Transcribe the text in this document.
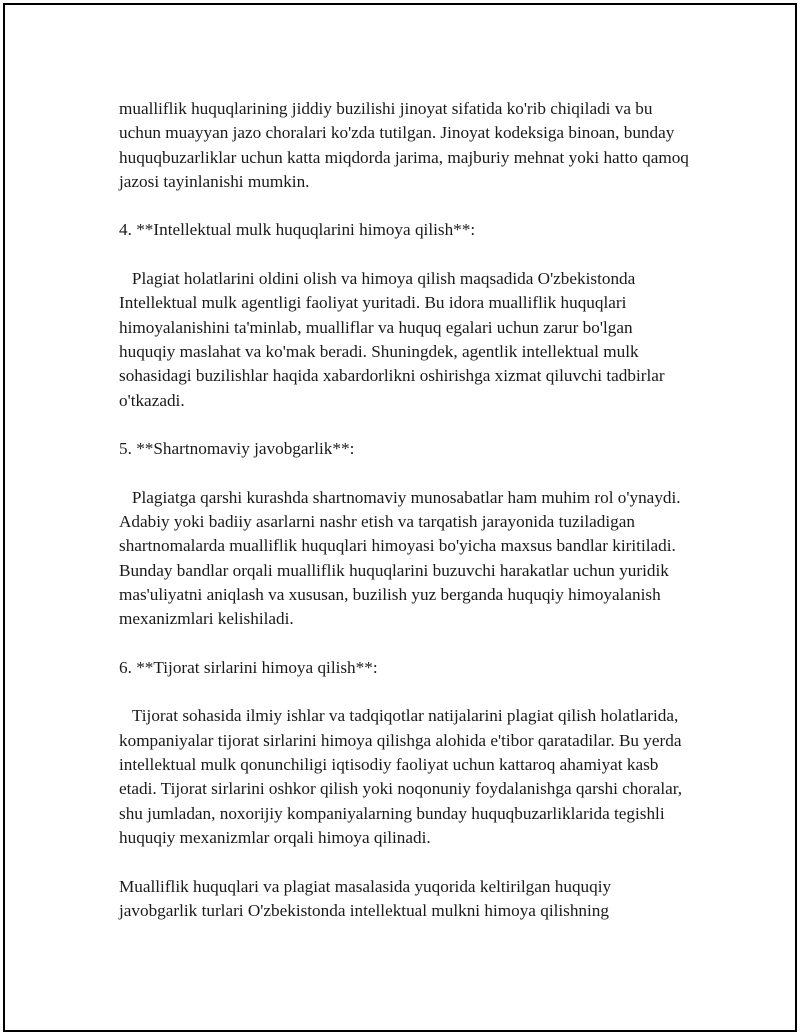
mualliflik huquqlarining jiddiy buzilishi jinoyat sifatida ko'rib chiqiladi va bu uchun muayyan jazo choralari ko'zda tutilgan. Jinoyat kodeksiga binoan, bunday huquqbuzarliklar uchun katta miqdorda jarima, majburiy mehnat yoki hatto qamoq jazosi tayinlanishi mumkin.

4. **Intellektual mulk huquqlarini himoya qilish**:

Plagiat holatlarini oldini olish va himoya qilish maqsadida O'zbekistonda Intellektual mulk agentligi faoliyat yuritadi. Bu idora mualliflik huquqlari himoyalanishini ta'minlab, mualliflar va huquq egalari uchun zarur bo'lgan huquqiy maslahat va ko'mak beradi. Shuningdek, agentlik intellektual mulk sohasidagi buzilishlar haqida xabardorlikni oshirishga xizmat qiluvchi tadbirlar o'tkazadi.

5. **Shartnomaviy javobgarlik**:

Plagiatga qarshi kurashda shartnomaviy munosabatlar ham muhim rol o'ynaydi. Adabiy yoki badiiy asarlarni nashr etish va tarqatish jarayonida tuziladigan shartnomalarda mualliflik huquqlari himoyasi bo'yicha maxsus bandlar kiritiladi. Bunday bandlar orqali mualliflik huquqlarini buzuvchi harakatlar uchun yuridik mas'uliyatni aniqlash va xususan, buzilish yuz berganda huquqiy himoyalanish mexanizmlari kelishiladi.

6. **Tijorat sirlarini himoya qilish**:

Tijorat sohasida ilmiy ishlar va tadqiqotlar natijalarini plagiat qilish holatlarida, kompaniyalar tijorat sirlarini himoya qilishga alohida e'tibor qaratadilar. Bu yerda intellektual mulk qonunchiligi iqtisodiy faoliyat uchun kattaroq ahamiyat kasb etadi. Tijorat sirlarini oshkor qilish yoki noqonuniy foydalanishga qarshi choralar, shu jumladan, noxorijiy kompaniyalarning bunday huquqbuzarliklarida tegishli huquqiy mexanizmlar orqali himoya qilinadi.

Mualliflik huquqlari va plagiat masalasida yuqorida keltirilgan huquqiy javobgarlik turlari O'zbekistonda intellektual mulkni himoya qilishning
